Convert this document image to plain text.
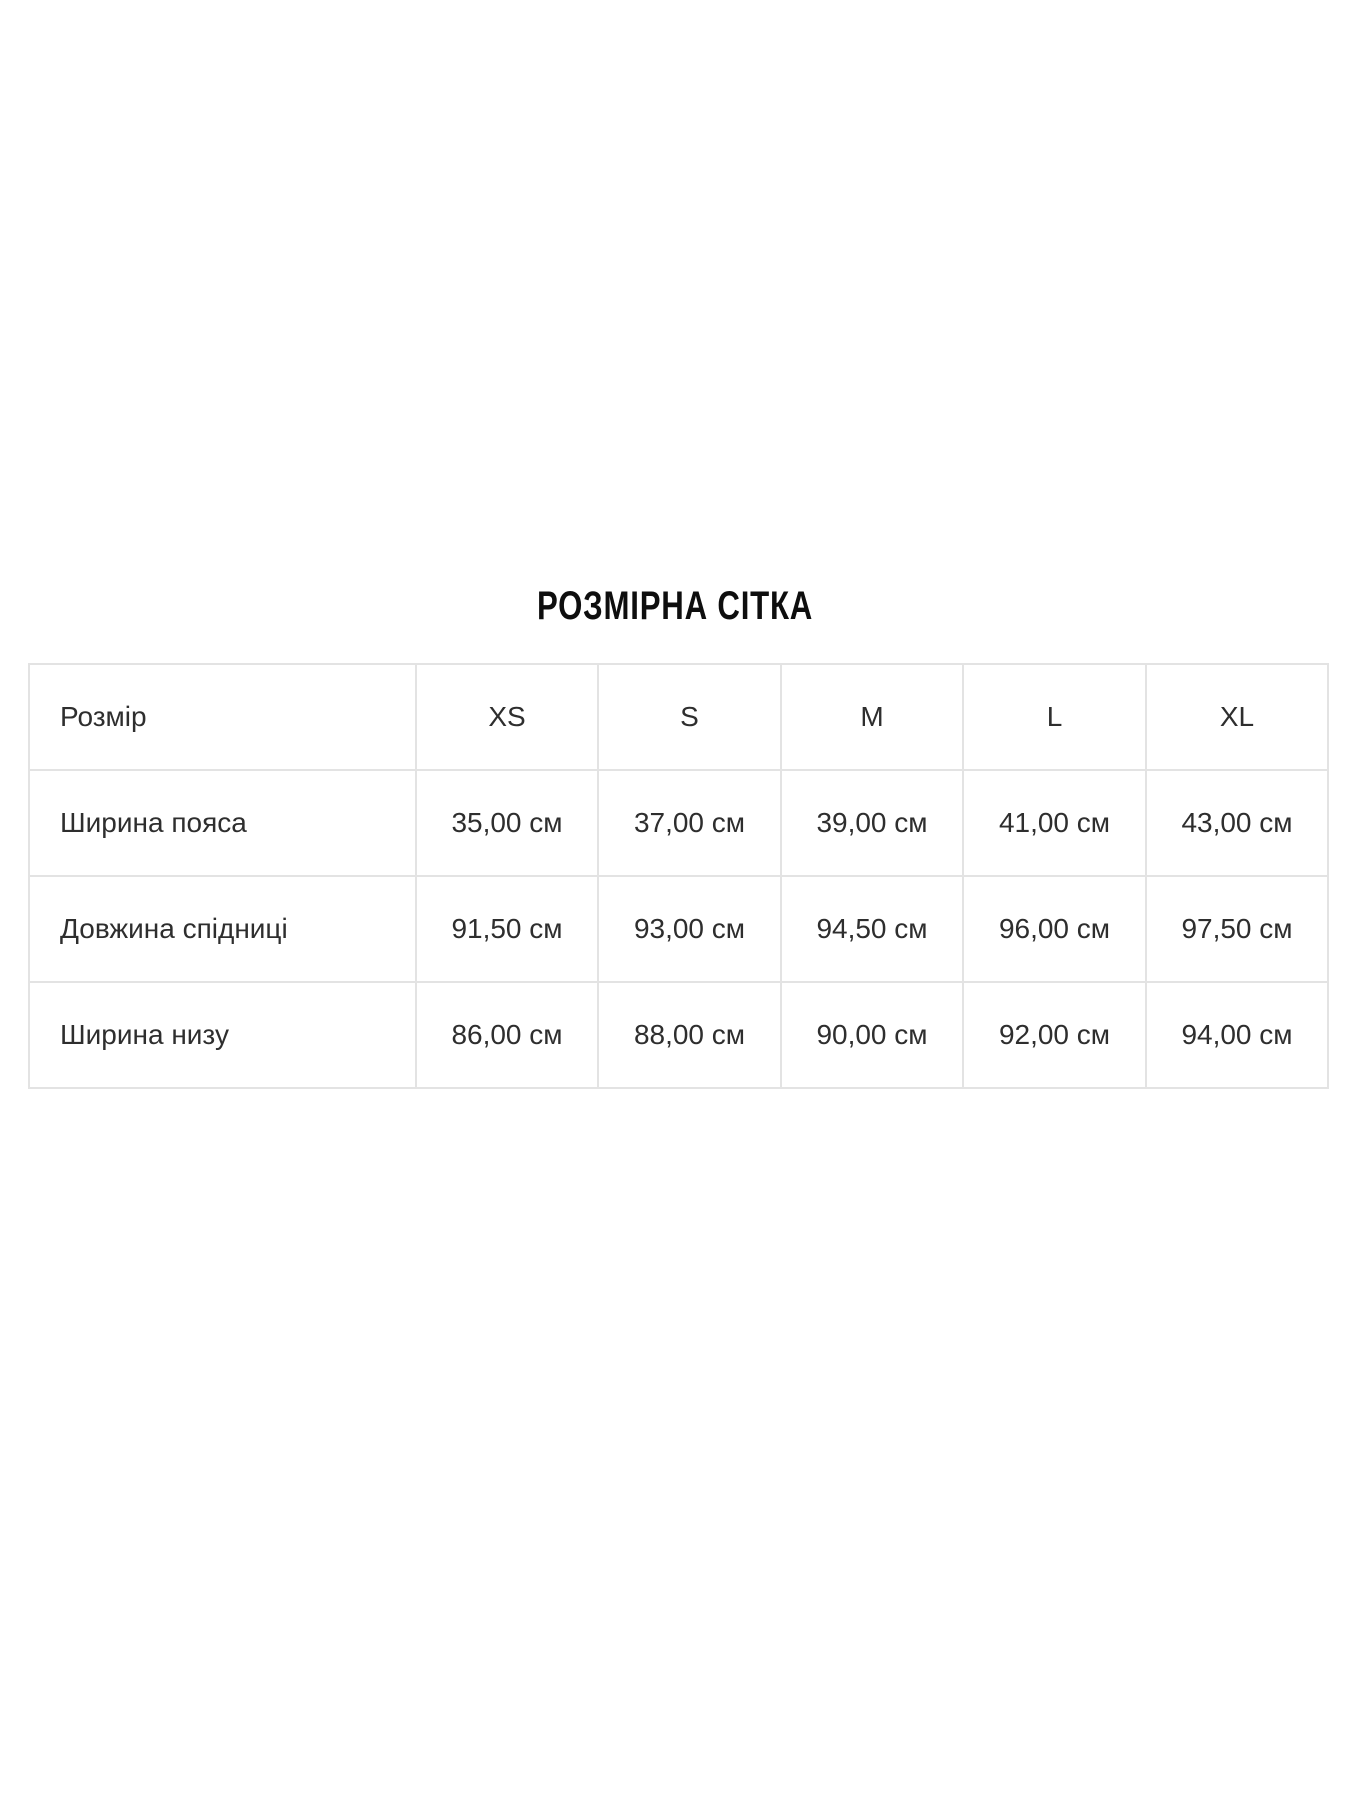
РОЗМІРНА СІТКА
Розмір	XS	S	M	L	XL
Ширина пояса	35,00 см	37,00 см	39,00 см	41,00 см	43,00 см
Довжина спідниці	91,50 см	93,00 см	94,50 см	96,00 см	97,50 см
Ширина низу	86,00 см	88,00 см	90,00 см	92,00 см	94,00 см
